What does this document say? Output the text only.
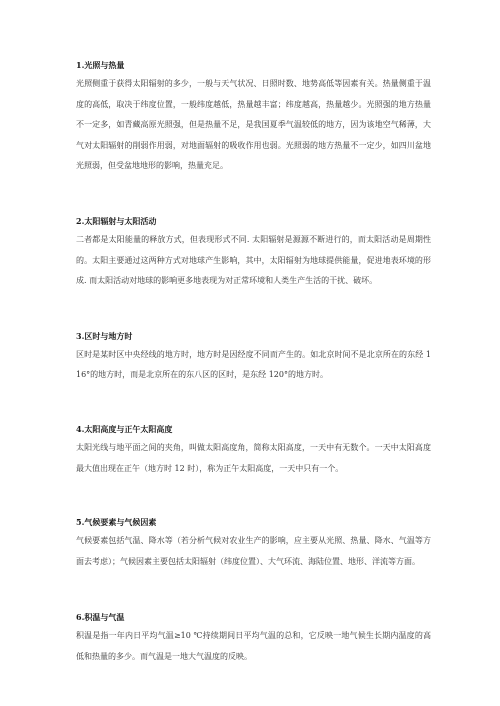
1.光照与热量

光照侧重于获得太阳辐射的多少，一般与天气状况、日照时数、地势高低等因素有关。热量侧重于温度的高低，取决于纬度位置，一般纬度越低，热量越丰富；纬度越高，热量越少。光照强的地方热量不一定多，如青藏高原光照强，但是热量不足，是我国夏季气温较低的地方，因为该地空气稀薄，大气对太阳辐射的削弱作用弱，对地面辐射的吸收作用也弱。光照弱的地方热量不一定少，如四川盆地光照弱，但受盆地地形的影响，热量充足。

2.太阳辐射与太阳活动

二者都是太阳能量的释放方式，但表现形式不同. 太阳辐射是源源不断进行的，而太阳活动是周期性的。太阳主要通过这两种方式对地球产生影响，其中，太阳辐射为地球提供能量，促进地表环境的形成. 而太阳活动对地球的影响更多地表现为对正常环境和人类生产生活的干扰、破坏。

3.区时与地方时

区时是某时区中央经线的地方时，地方时是因经度不同而产生的。如北京时间不是北京所在的东经 116°的地方时，而是北京所在的东八区的区时，是东经 120°的地方时。

4.太阳高度与正午太阳高度

太阳光线与地平面之间的夹角，叫做太阳高度角，简称太阳高度，一天中有无数个。一天中太阳高度最大值出现在正午（地方时 12 时），称为正午太阳高度，一天中只有一个。

5.气候要素与气候因素

气候要素包括气温、降水等（若分析气候对农业生产的影响，应主要从光照、热量、降水、气温等方面去考虑）；气候因素主要包括太阳辐射（纬度位置）、大气环流、海陆位置、地形、洋流等方面。

6.积温与气温

积温是指一年内日平均气温≥10 ℃持续期间日平均气温的总和，它反映一地气候生长期内温度的高低和热量的多少。而气温是一地大气温度的反映。
